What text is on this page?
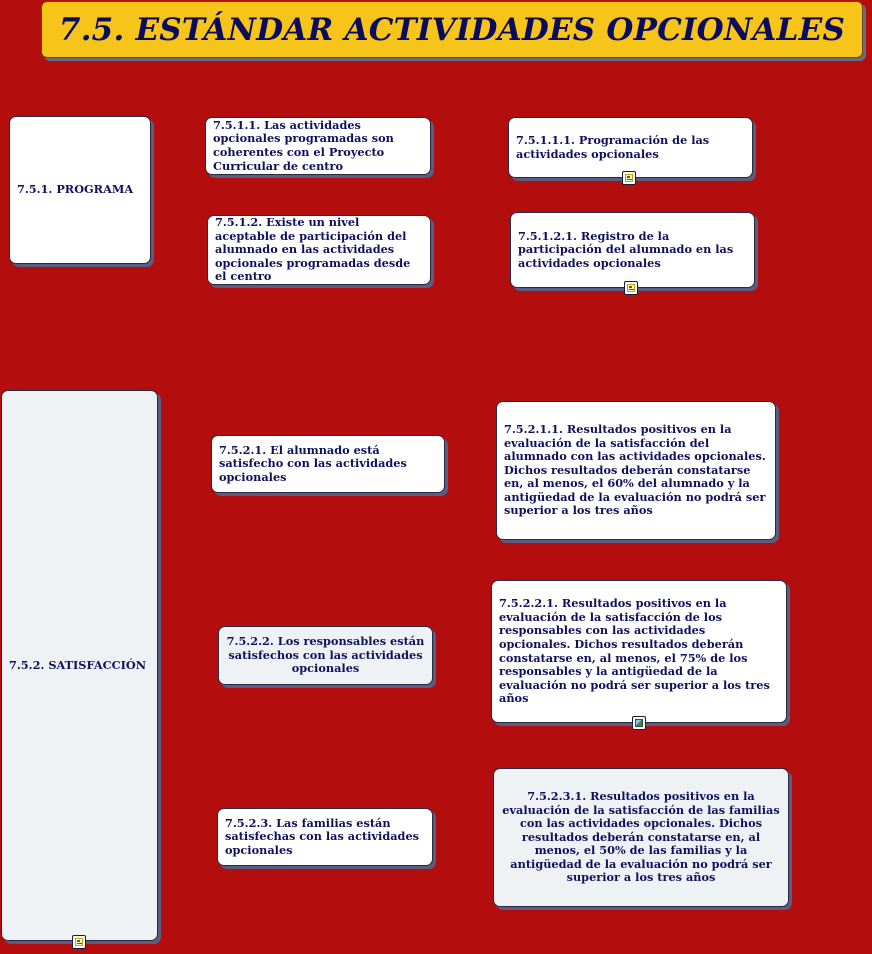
7.5. ESTÁNDAR ACTIVIDADES OPCIONALES
7.5.1. PROGRAMA
7.5.1.1. Las actividades opcionales programadas son coherentes con el Proyecto Curricular de centro
7.5.1.1.1. Programación de las actividades opcionales
7.5.1.2. Existe un nivel aceptable de participación del alumnado en las actividades opcionales programadas desde el centro
7.5.1.2.1. Registro de la participación del alumnado en las actividades opcionales
7.5.2. SATISFACCIÓN
7.5.2.1. El alumnado está satisfecho con las actividades opcionales
7.5.2.1.1. Resultados positivos en la evaluación de la satisfacción del alumnado con las actividades opcionales. Dichos resultados deberán constatarse en, al menos, el 60% del alumnado y la antigüedad de la evaluación no podrá ser superior a los tres años
7.5.2.2. Los responsables están satisfechos con las actividades opcionales
7.5.2.2.1. Resultados positivos en la evaluación de la satisfacción de los responsables con las actividades opcionales. Dichos resultados deberán constatarse en, al menos, el 75% de los responsables y la antigüedad de la evaluación no podrá ser superior a los tres años
7.5.2.3. Las familias están satisfechas con las actividades opcionales
7.5.2.3.1. Resultados positivos en la evaluación de la satisfacción de las familias con las actividades opcionales. Dichos resultados deberán constatarse en, al menos, el 50% de las familias y la antigüedad de la evaluación no podrá ser superior a los tres años
